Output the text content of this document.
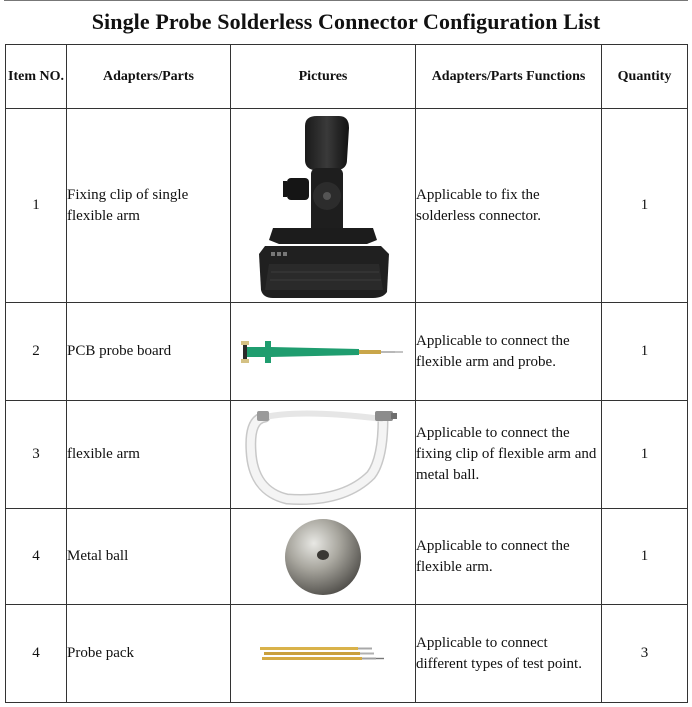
Single Probe Solderless Connector Configuration List
Item NO.	Adapters/Parts	Pictures	Adapters/Parts Functions	Quantity
1	Fixing clip of single flexible arm		Applicable to fix the solderless connector.	1
2	PCB probe board		Applicable to connect the flexible arm and probe.	1
3	flexible arm		Applicable to connect the fixing clip of flexible arm and metal ball.	1
4	Metal ball		Applicable to connect the flexible arm.	1
4	Probe pack		Applicable to connect different types of test point.	3
